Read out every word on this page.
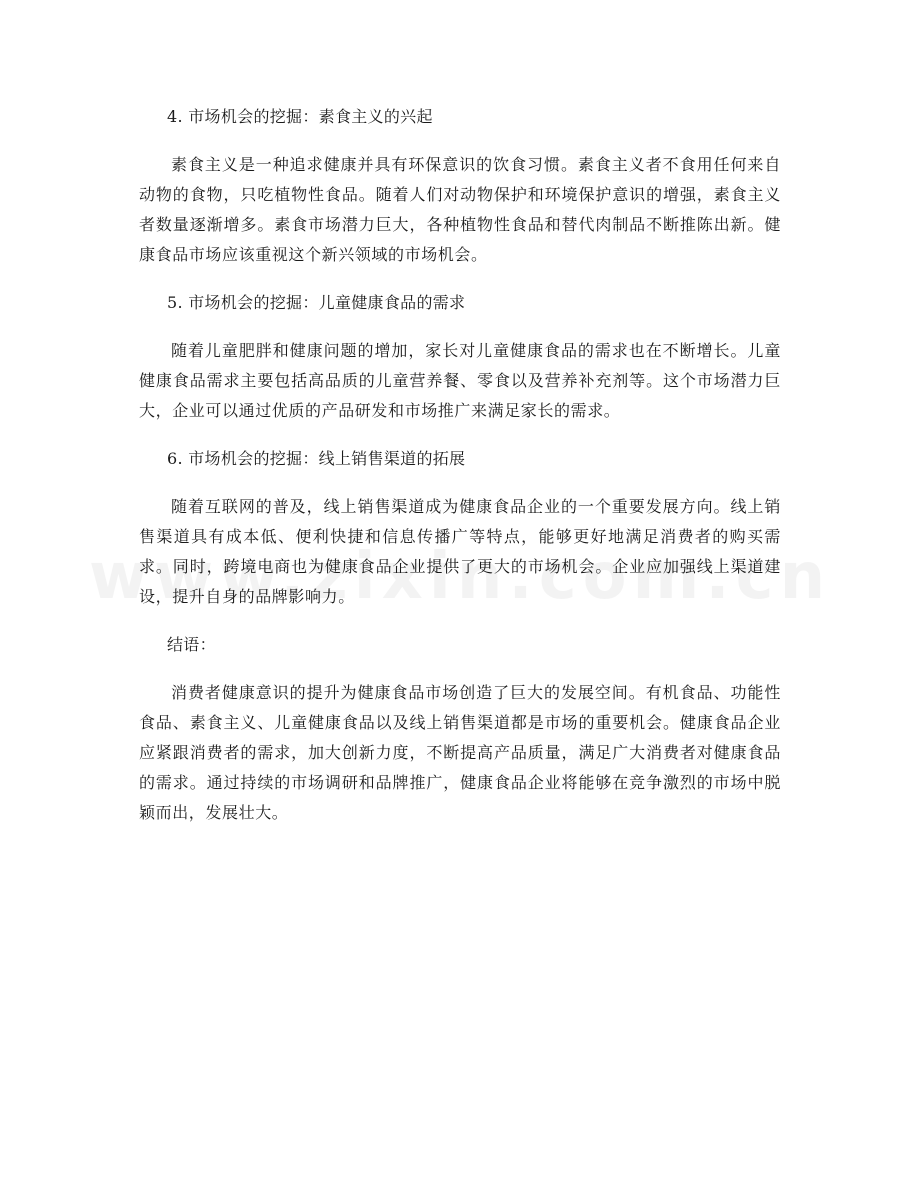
4. 市场机会的挖掘：素食主义的兴起
素食主义是一种追求健康并具有环保意识的饮食习惯。素食主义者不食用任何来自动物的食物，只吃植物性食品。随着人们对动物保护和环境保护意识的增强，素食主义者数量逐渐增多。素食市场潜力巨大，各种植物性食品和替代肉制品不断推陈出新。健康食品市场应该重视这个新兴领域的市场机会。
5. 市场机会的挖掘：儿童健康食品的需求
随着儿童肥胖和健康问题的增加，家长对儿童健康食品的需求也在不断增长。儿童健康食品需求主要包括高品质的儿童营养餐、零食以及营养补充剂等。这个市场潜力巨大，企业可以通过优质的产品研发和市场推广来满足家长的需求。
6. 市场机会的挖掘：线上销售渠道的拓展
随着互联网的普及，线上销售渠道成为健康食品企业的一个重要发展方向。线上销售渠道具有成本低、便利快捷和信息传播广等特点，能够更好地满足消费者的购买需求。同时，跨境电商也为健康食品企业提供了更大的市场机会。企业应加强线上渠道建设，提升自身的品牌影响力。
结语：
消费者健康意识的提升为健康食品市场创造了巨大的发展空间。有机食品、功能性食品、素食主义、儿童健康食品以及线上销售渠道都是市场的重要机会。健康食品企业应紧跟消费者的需求，加大创新力度，不断提高产品质量，满足广大消费者对健康食品的需求。通过持续的市场调研和品牌推广，健康食品企业将能够在竞争激烈的市场中脱颖而出，发展壮大。
